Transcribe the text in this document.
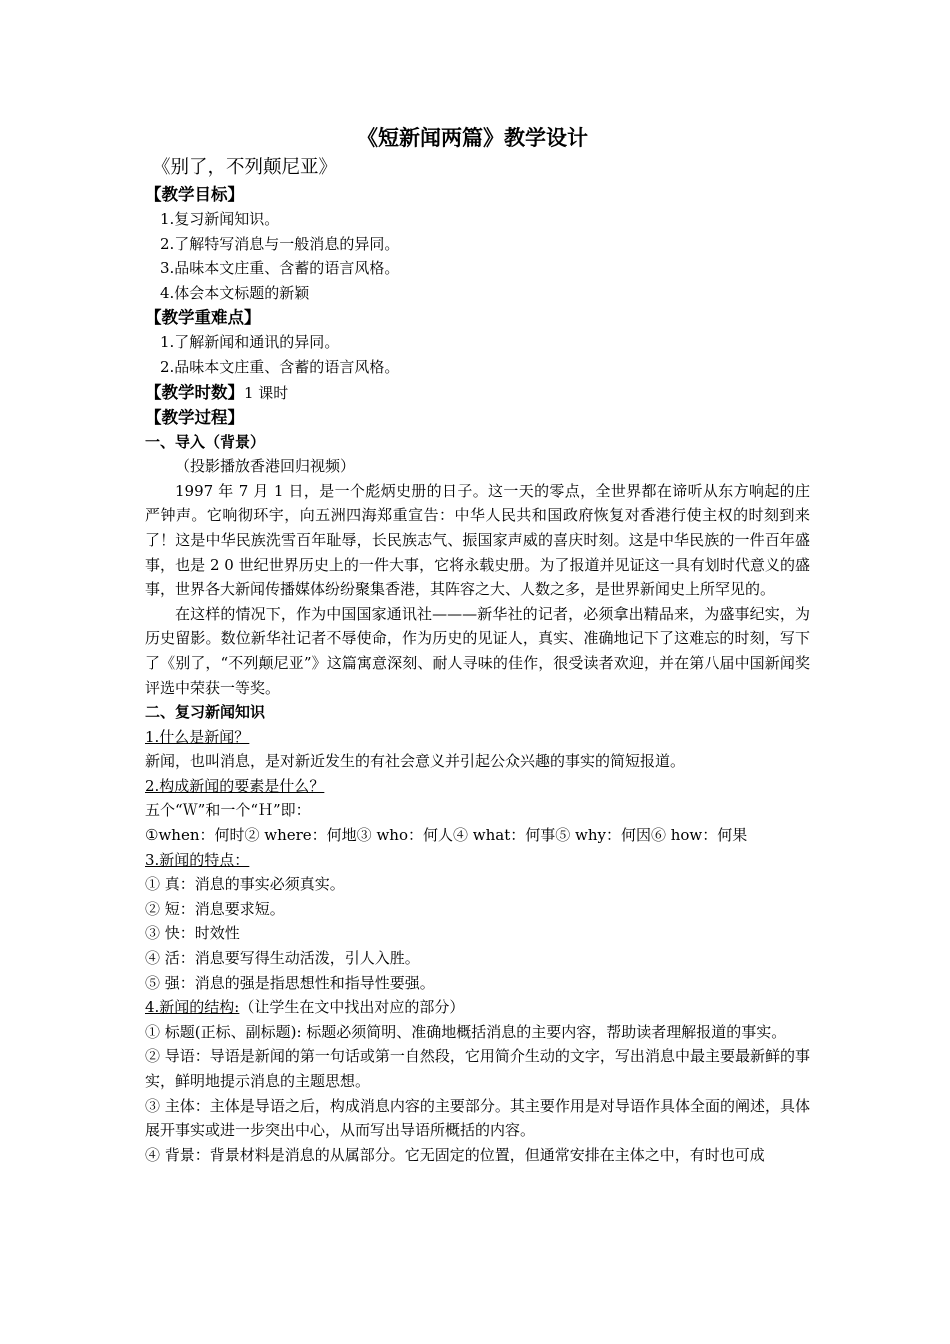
《短新闻两篇》教学设计
《别了，不列颠尼亚》
【教学目标】
1.复习新闻知识。
2.了解特写消息与一般消息的异同。
3.品味本文庄重、含蓄的语言风格。
4.体会本文标题的新颖
【教学重难点】
1.了解新闻和通讯的异同。
2.品味本文庄重、含蓄的语言风格。
【教学时数】1 课时
【教学过程】
一、导入（背景）
（投影播放香港回归视频）

1997 年 7 月 1 日，是一个彪炳史册的日子。这一天的零点，全世界都在谛听从东方响起的庄严钟声。它响彻环宇，向五洲四海郑重宣告：中华人民共和国政府恢复对香港行使主权的时刻到来了！这是中华民族洗雪百年耻辱，长民族志气、振国家声威的喜庆时刻。这是中华民族的一件百年盛事，也是 2 0 世纪世界历史上的一件大事，它将永载史册。为了报道并见证这一具有划时代意义的盛事，世界各大新闻传播媒体纷纷聚集香港，其阵容之大、人数之多，是世界新闻史上所罕见的。

在这样的情况下，作为中国国家通讯社———新华社的记者，必须拿出精品来，为盛事纪实，为历史留影。数位新华社记者不辱使命，作为历史的见证人，真实、准确地记下了这难忘的时刻，写下了《别了，“不列颠尼亚”》这篇寓意深刻、耐人寻味的佳作，很受读者欢迎，并在第八届中国新闻奖评选中荣获一等奖。

二、复习新闻知识
1.什么是新闻？
新闻，也叫消息，是对新近发生的有社会意义并引起公众兴趣的事实的简短报道。
2.构成新闻的要素是什么？
五个“Ｗ”和一个“Ｈ”即：
①when：何时② where：何地③ who：何人④ what：何事⑤ why：何因⑥ how：何果
3.新闻的特点：
① 真：消息的事实必须真实。
② 短：消息要求短。
③ 快：时效性
④ 活：消息要写得生动活泼，引人入胜。
⑤ 强：消息的强是指思想性和指导性要强。
4.新闻的结构:（让学生在文中找出对应的部分）

① 标题(正标、副标题): 标题必须简明、准确地概括消息的主要内容，帮助读者理解报道的事实。

② 导语：导语是新闻的第一句话或第一自然段，它用简介生动的文字，写出消息中最主要最新鲜的事实，鲜明地提示消息的主题思想。

③ 主体：主体是导语之后，构成消息内容的主要部分。其主要作用是对导语作具体全面的阐述，具体展开事实或进一步突出中心，从而写出导语所概括的内容。

④ 背景：背景材料是消息的从属部分。它无固定的位置，但通常安排在主体之中，有时也可成
